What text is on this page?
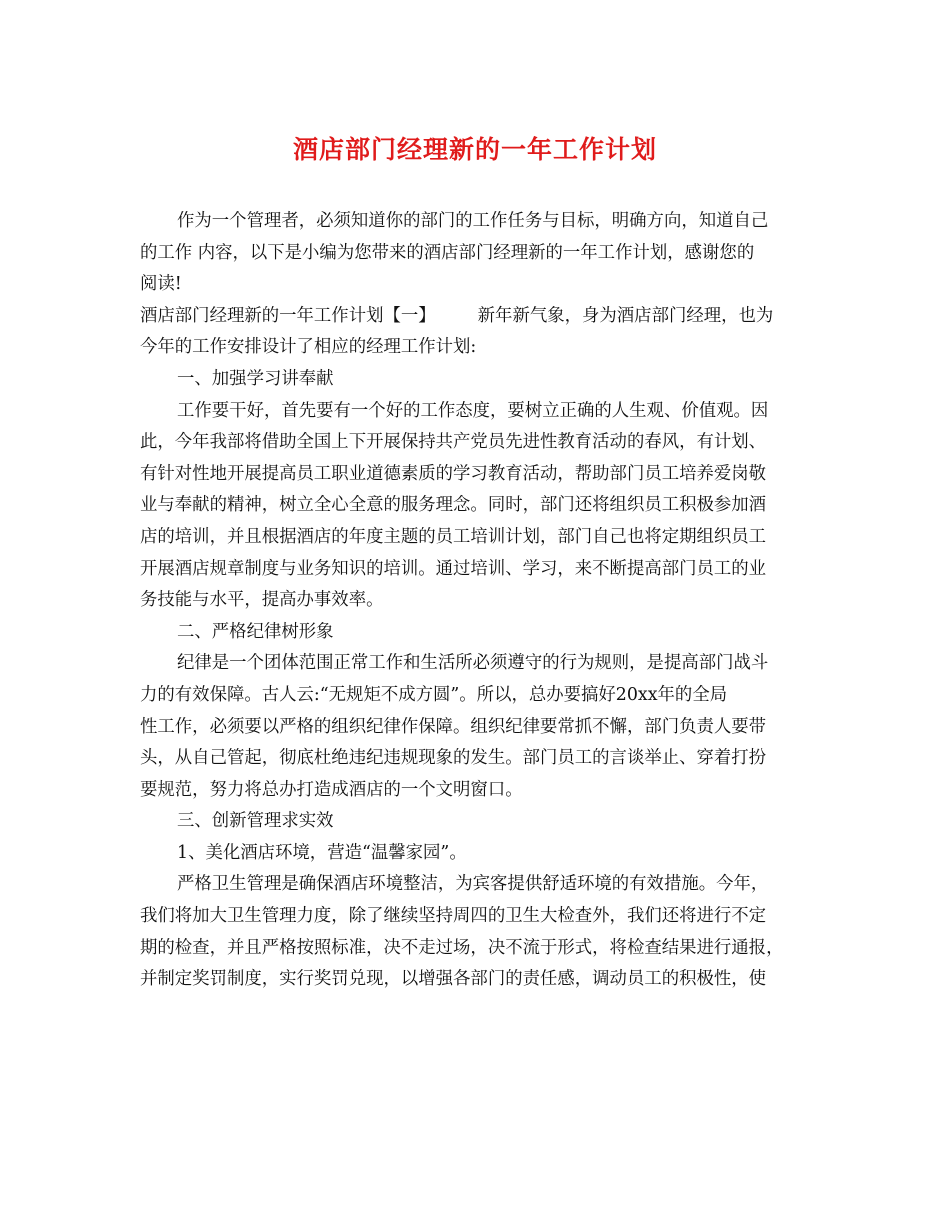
酒店部门经理新的一年工作计划
作为一个管理者，必须知道你的部门的工作任务与目标，明确方向，知道自己
的工作 内容，以下是小编为您带来的酒店部门经理新的一年工作计划，感谢您的
阅读!
酒店部门经理新的一年工作计划【一】 新年新气象，身为酒店部门经理，也为
今年的工作安排设计了相应的经理工作计划:
一、加强学习讲奉献
工作要干好，首先要有一个好的工作态度，要树立正确的人生观、价值观。因
此，今年我部将借助全国上下开展保持共产党员先进性教育活动的春风，有计划、
有针对性地开展提高员工职业道德素质的学习教育活动，帮助部门员工培养爱岗敬
业与奉献的精神，树立全心全意的服务理念。同时，部门还将组织员工积极参加酒
店的培训，并且根据酒店的年度主题的员工培训计划，部门自己也将定期组织员工
开展酒店规章制度与业务知识的培训。通过培训、学习，来不断提高部门员工的业
务技能与水平，提高办事效率。
二、严格纪律树形象
纪律是一个团体范围正常工作和生活所必须遵守的行为规则，是提高部门战斗
力的有效保障。古人云:“无规矩不成方圆”。所以，总办要搞好20xx年的全局
性工作，必须要以严格的组织纪律作保障。组织纪律要常抓不懈，部门负责人要带
头，从自己管起，彻底杜绝违纪违规现象的发生。部门员工的言谈举止、穿着打扮
要规范，努力将总办打造成酒店的一个文明窗口。
三、创新管理求实效
1、美化酒店环境，营造“温馨家园”。
严格卫生管理是确保酒店环境整洁，为宾客提供舒适环境的有效措施。今年，
我们将加大卫生管理力度，除了继续坚持周四的卫生大检查外，我们还将进行不定
期的检查，并且严格按照标准，决不走过场，决不流于形式，将检查结果进行通报，
并制定奖罚制度，实行奖罚兑现，以增强各部门的责任感，调动员工的积极性，使
